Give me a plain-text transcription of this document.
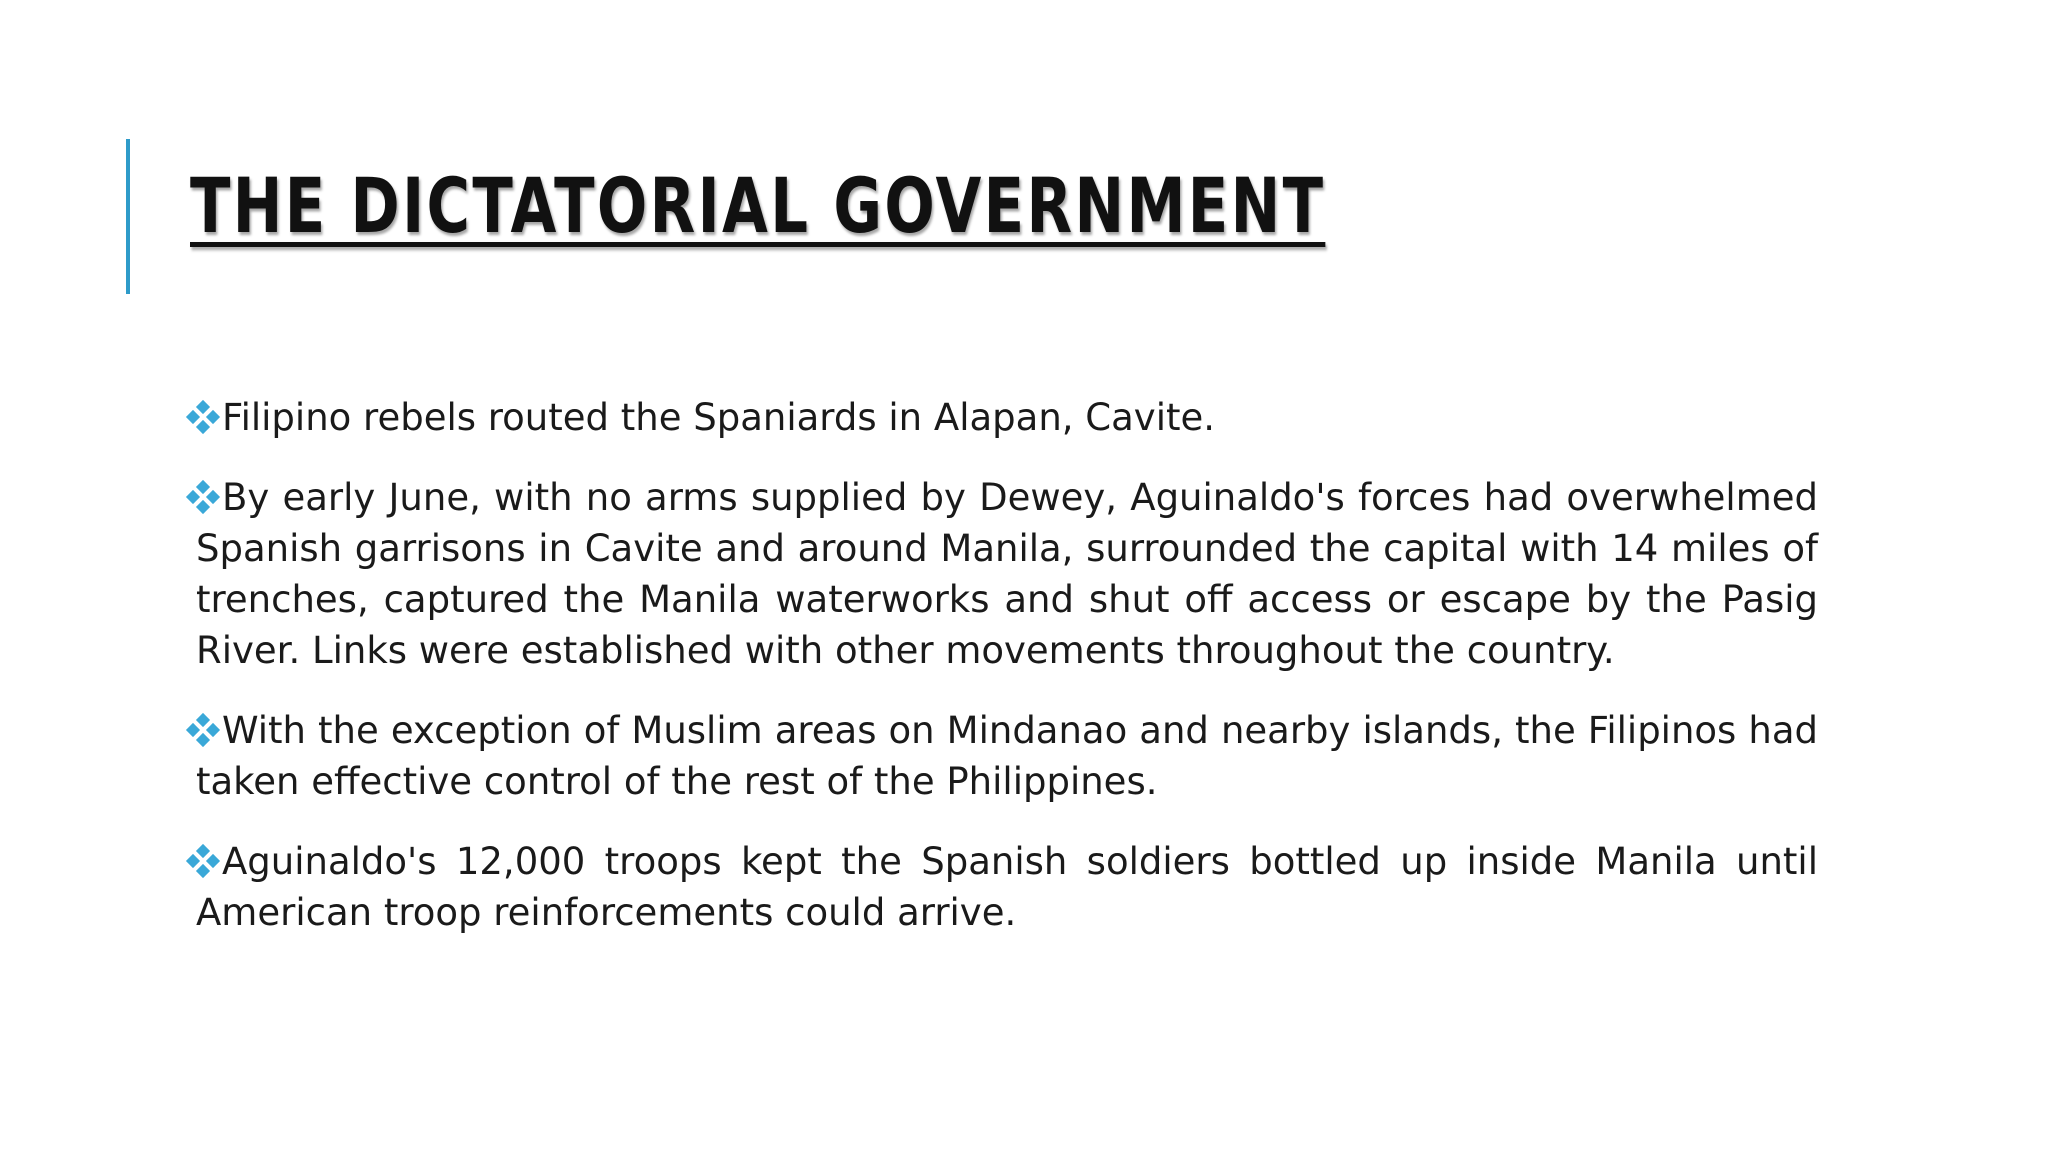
THE DICTATORIAL GOVERNMENT

Filipino rebels routed the Spaniards in Alapan, Cavite.

By early June, with no arms supplied by Dewey, Aguinaldo's forces had overwhelmed Spanish garrisons in Cavite and around Manila, surrounded the capital with 14 miles of trenches, captured the Manila waterworks and shut off access or escape by the Pasig River. Links were established with other movements throughout the country.

With the exception of Muslim areas on Mindanao and nearby islands, the Filipinos had taken effective control of the rest of the Philippines.

Aguinaldo's 12,000 troops kept the Spanish soldiers bottled up inside Manila until American troop reinforcements could arrive.
